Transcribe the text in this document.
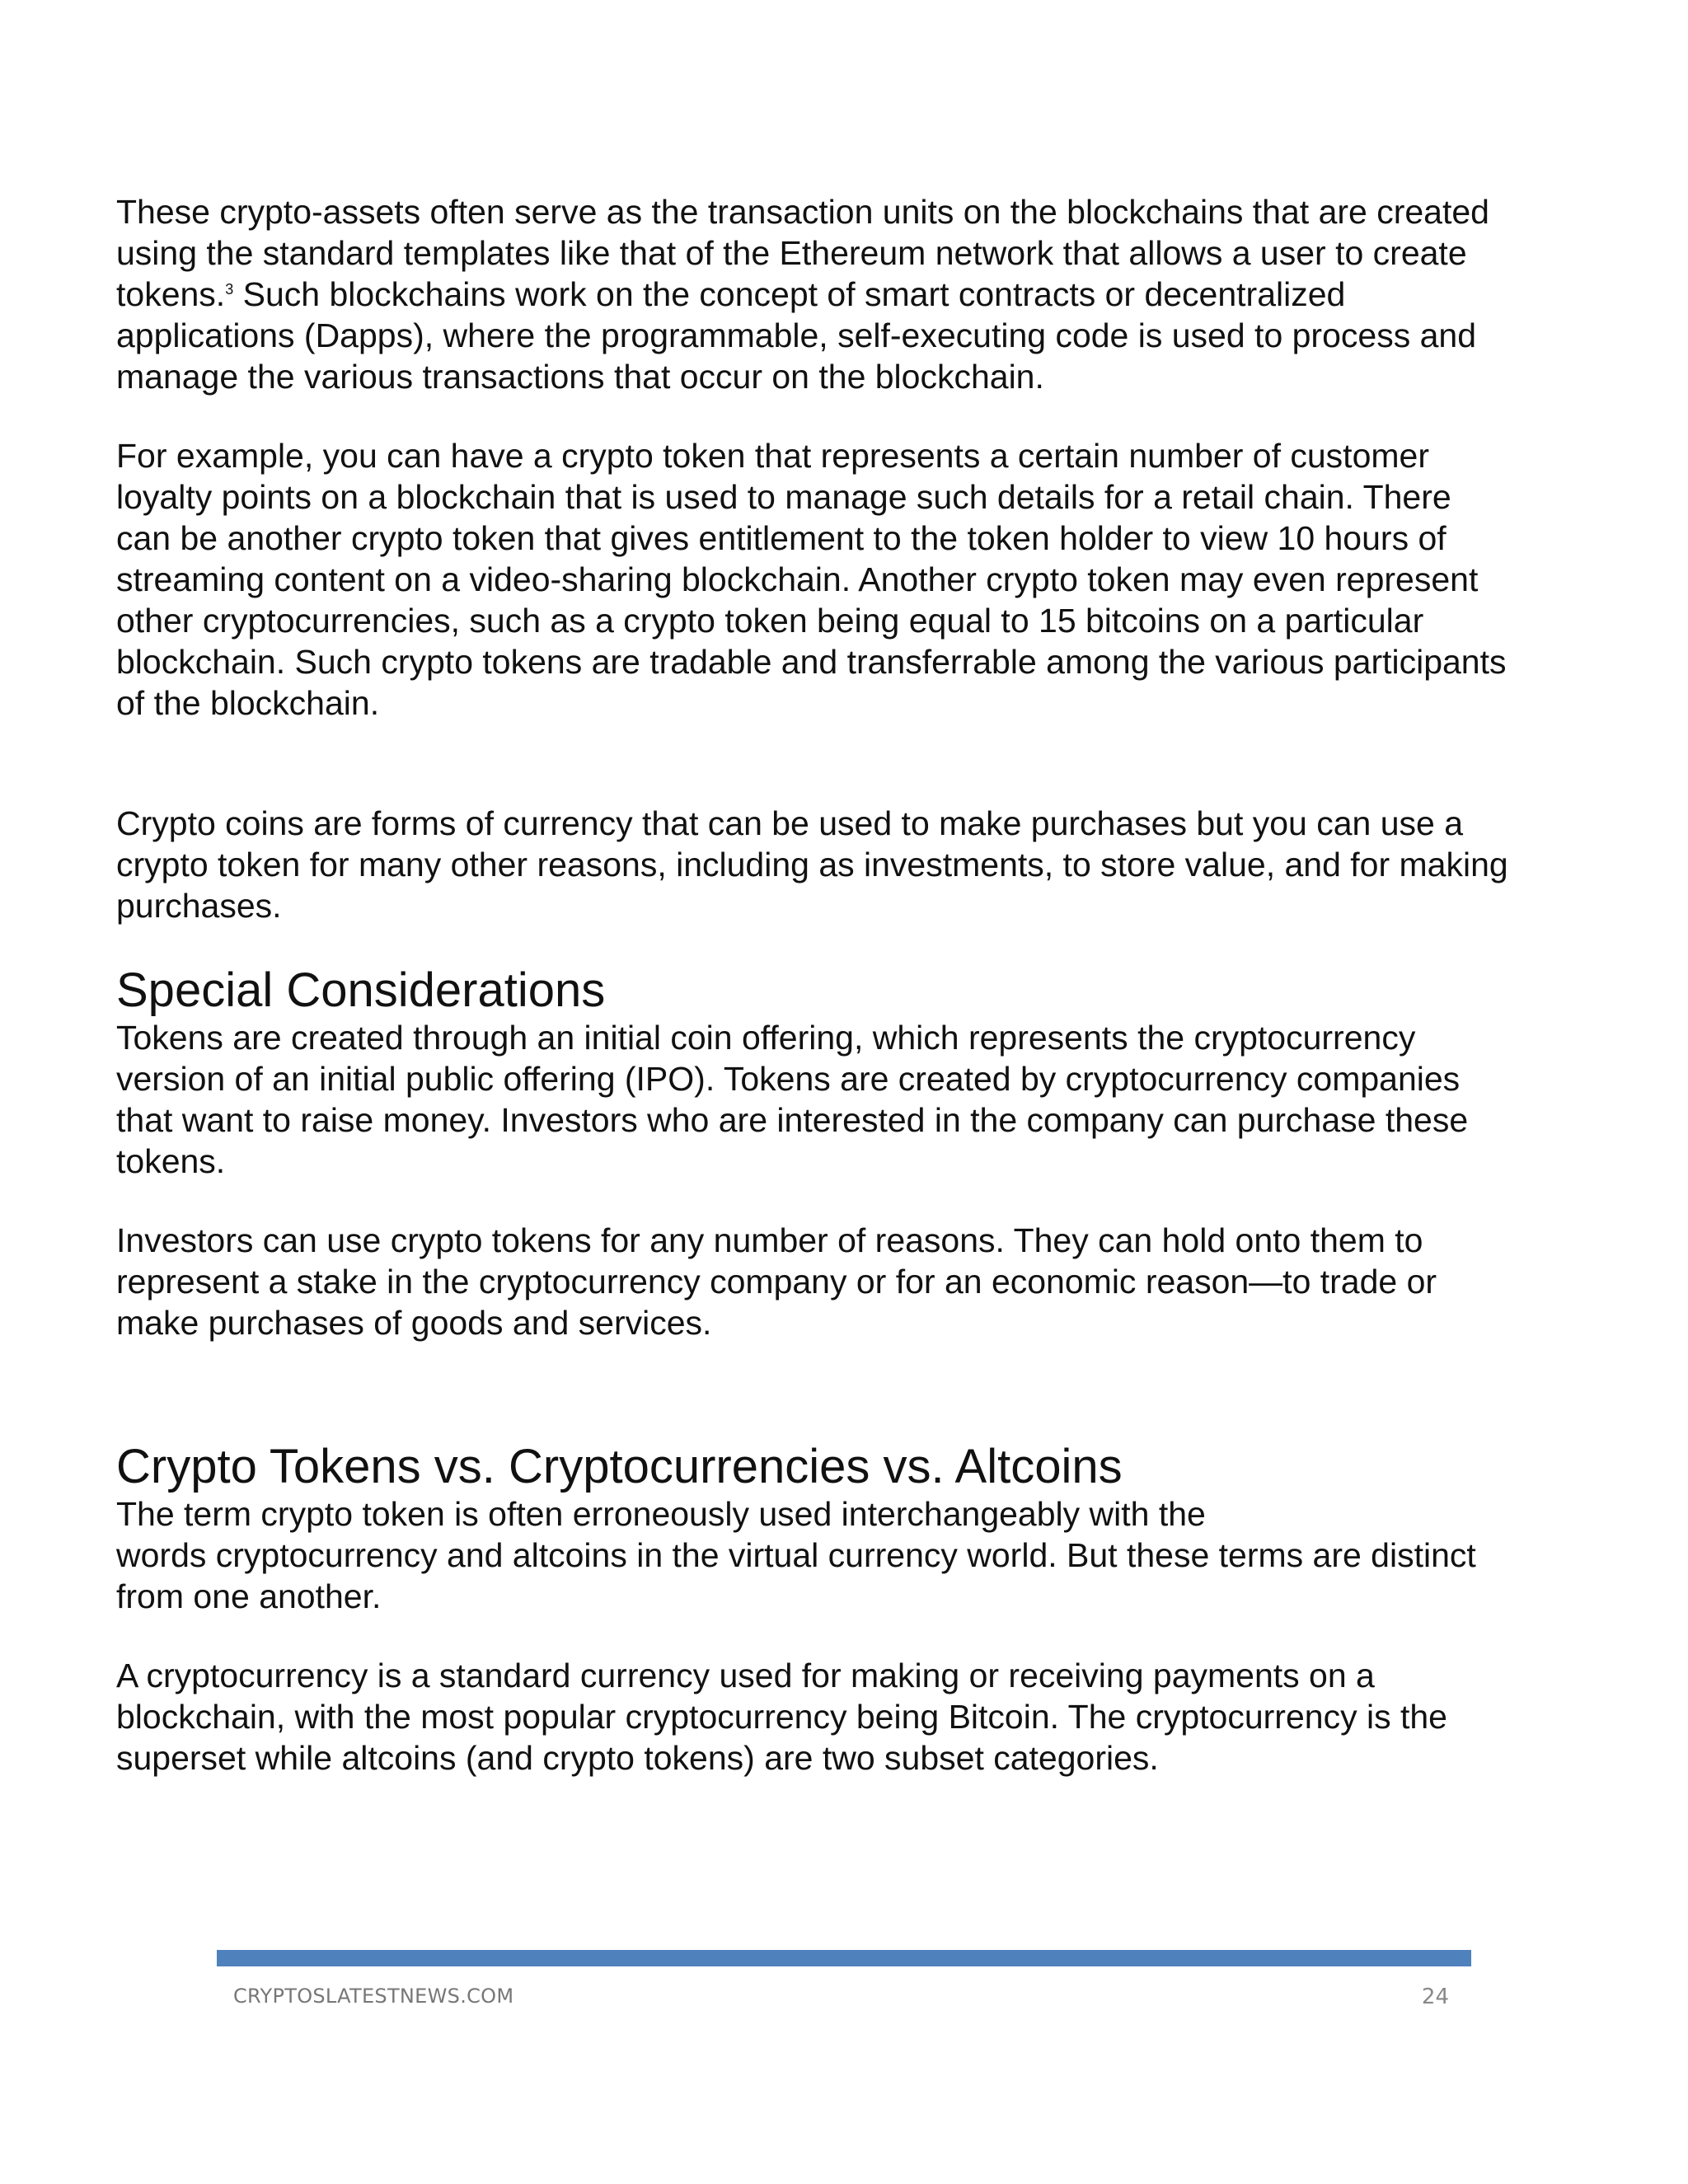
These crypto-assets often serve as the transaction units on the blockchains that are created
using the standard templates like that of the Ethereum network that allows a user to create
tokens.$^3$ Such blockchains work on the concept of smart contracts or decentralized
applications (Dapps), where the programmable, self-executing code is used to process and
manage the various transactions that occur on the blockchain.

For example, you can have a crypto token that represents a certain number of customer
loyalty points on a blockchain that is used to manage such details for a retail chain. There
can be another crypto token that gives entitlement to the token holder to view 10 hours of
streaming content on a video-sharing blockchain. Another crypto token may even represent
other cryptocurrencies, such as a crypto token being equal to 15 bitcoins on a particular
blockchain. Such crypto tokens are tradable and transferrable among the various participants
of the blockchain.

Crypto coins are forms of currency that can be used to make purchases but you can use a
crypto token for many other reasons, including as investments, to store value, and for making
purchases.

Special Considerations

Tokens are created through an initial coin offering, which represents the cryptocurrency
version of an initial public offering (IPO). Tokens are created by cryptocurrency companies
that want to raise money. Investors who are interested in the company can purchase these
tokens.

Investors can use crypto tokens for any number of reasons. They can hold onto them to
represent a stake in the cryptocurrency company or for an economic reason—to trade or
make purchases of goods and services.

Crypto Tokens vs. Cryptocurrencies vs. Altcoins

The term crypto token is often erroneously used interchangeably with the
words cryptocurrency and altcoins in the virtual currency world. But these terms are distinct
from one another.

A cryptocurrency is a standard currency used for making or receiving payments on a
blockchain, with the most popular cryptocurrency being Bitcoin. The cryptocurrency is the
superset while altcoins (and crypto tokens) are two subset categories.

CRYPTOSLATESTNEWS.COM	24
